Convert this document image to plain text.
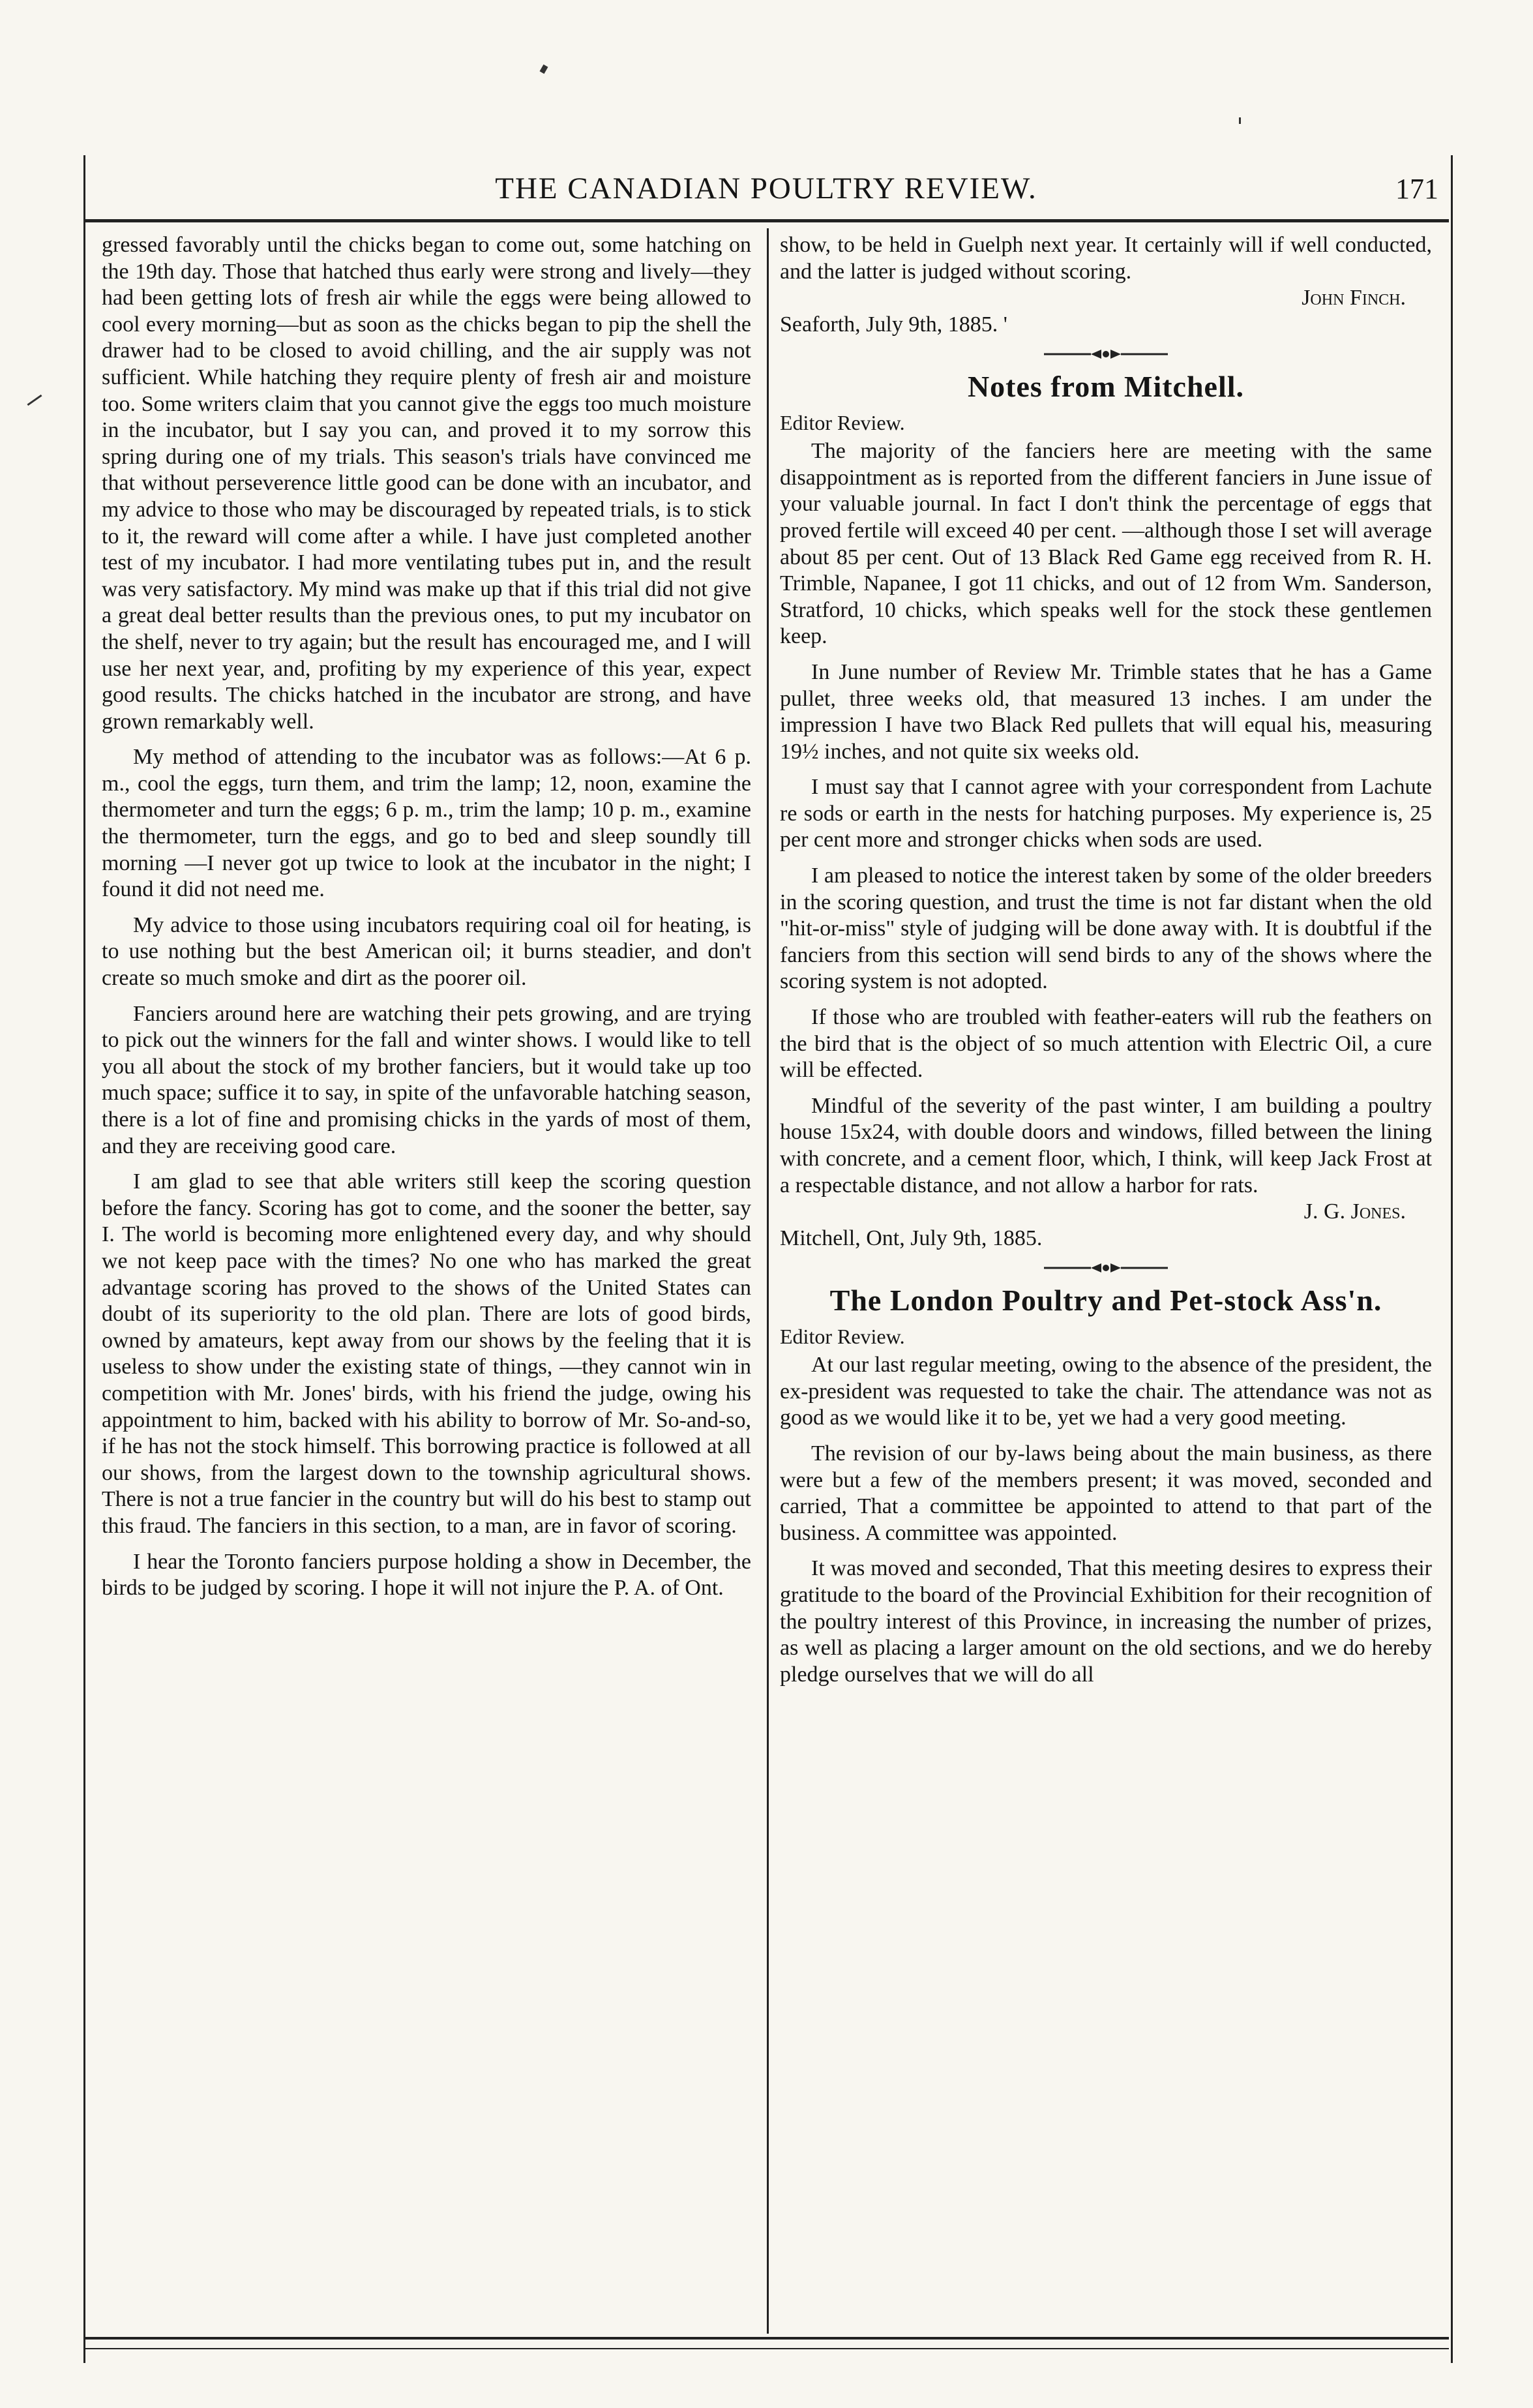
THE CANADIAN POULTRY REVIEW.	171

gressed favorably until the chicks began to come out, some hatching on the 19th day. Those that hatched thus early were strong and lively—they had been getting lots of fresh air while the eggs were being allowed to cool every morning—but as soon as the chicks began to pip the shell the drawer had to be closed to avoid chilling, and the air supply was not sufficient. While hatching they require plenty of fresh air and moisture too. Some writers claim that you cannot give the eggs too much moisture in the incubator, but I say you can, and proved it to my sorrow this spring during one of my trials. This season's trials have convinced me that without perseverence little good can be done with an incubator, and my advice to those who may be discouraged by repeated trials, is to stick to it, the reward will come after a while. I have just completed another test of my incubator. I had more ventilating tubes put in, and the result was very satisfactory. My mind was make up that if this trial did not give a great deal better results than the previous ones, to put my incubator on the shelf, never to try again; but the result has encouraged me, and I will use her next year, and, profiting by my experience of this year, expect good results. The chicks hatched in the incubator are strong, and have grown remarkably well.

My method of attending to the incubator was as follows:—At 6 p. m., cool the eggs, turn them, and trim the lamp; 12, noon, examine the thermometer and turn the eggs; 6 p. m., trim the lamp; 10 p. m., examine the thermometer, turn the eggs, and go to bed and sleep soundly till morning —I never got up twice to look at the incubator in the night; I found it did not need me.

My advice to those using incubators requiring coal oil for heating, is to use nothing but the best American oil; it burns steadier, and don't create so much smoke and dirt as the poorer oil.

Fanciers around here are watching their pets growing, and are trying to pick out the winners for the fall and winter shows. I would like to tell you all about the stock of my brother fanciers, but it would take up too much space; suffice it to say, in spite of the unfavorable hatching season, there is a lot of fine and promising chicks in the yards of most of them, and they are receiving good care.

I am glad to see that able writers still keep the scoring question before the fancy. Scoring has got to come, and the sooner the better, say I. The world is becoming more enlightened every day, and why should we not keep pace with the times? No one who has marked the great advantage scoring has proved to the shows of the United States can doubt of its superiority to the old plan. There are lots of good birds, owned by amateurs, kept away from our shows by the feeling that it is useless to show under the existing state of things, —they cannot win in competition with Mr. Jones' birds, with his friend the judge, owing his appointment to him, backed with his ability to borrow of Mr. So-and-so, if he has not the stock himself. This borrowing practice is followed at all our shows, from the largest down to the township agricultural shows. There is not a true fancier in the country but will do his best to stamp out this fraud. The fanciers in this section, to a man, are in favor of scoring.

I hear the Toronto fanciers purpose holding a show in December, the birds to be judged by scoring. I hope it will not injure the P. A. of Ont.

show, to be held in Guelph next year. It certainly will if well conducted, and the latter is judged without scoring.

John Finch.

Seaforth, July 9th, 1885. '

Notes from Mitchell.

Editor Review.

The majority of the fanciers here are meeting with the same disappointment as is reported from the different fanciers in June issue of your valuable journal. In fact I don't think the percentage of eggs that proved fertile will exceed 40 per cent. —although those I set will average about 85 per cent. Out of 13 Black Red Game egg received from R. H. Trimble, Napanee, I got 11 chicks, and out of 12 from Wm. Sanderson, Stratford, 10 chicks, which speaks well for the stock these gentlemen keep.

In June number of Review Mr. Trimble states that he has a Game pullet, three weeks old, that measured 13 inches. I am under the impression I have two Black Red pullets that will equal his, measuring 19½ inches, and not quite six weeks old.

I must say that I cannot agree with your correspondent from Lachute re sods or earth in the nests for hatching purposes. My experience is, 25 per cent more and stronger chicks when sods are used.

I am pleased to notice the interest taken by some of the older breeders in the scoring question, and trust the time is not far distant when the old "hit-or-miss" style of judging will be done away with. It is doubtful if the fanciers from this section will send birds to any of the shows where the scoring system is not adopted.

If those who are troubled with feather-eaters will rub the feathers on the bird that is the object of so much attention with Electric Oil, a cure will be effected.

Mindful of the severity of the past winter, I am building a poultry house 15x24, with double doors and windows, filled between the lining with concrete, and a cement floor, which, I think, will keep Jack Frost at a respectable distance, and not allow a harbor for rats.

J. G. Jones.

Mitchell, Ont, July 9th, 1885.

The London Poultry and Pet-stock Ass'n.

Editor Review.

At our last regular meeting, owing to the absence of the president, the ex-president was requested to take the chair. The attendance was not as good as we would like it to be, yet we had a very good meeting.

The revision of our by-laws being about the main business, as there were but a few of the members present; it was moved, seconded and carried, That a committee be appointed to attend to that part of the business. A committee was appointed.

It was moved and seconded, That this meeting desires to express their gratitude to the board of the Provincial Exhibition for their recognition of the poultry interest of this Province, in increasing the number of prizes, as well as placing a larger amount on the old sections, and we do hereby pledge ourselves that we will do all
